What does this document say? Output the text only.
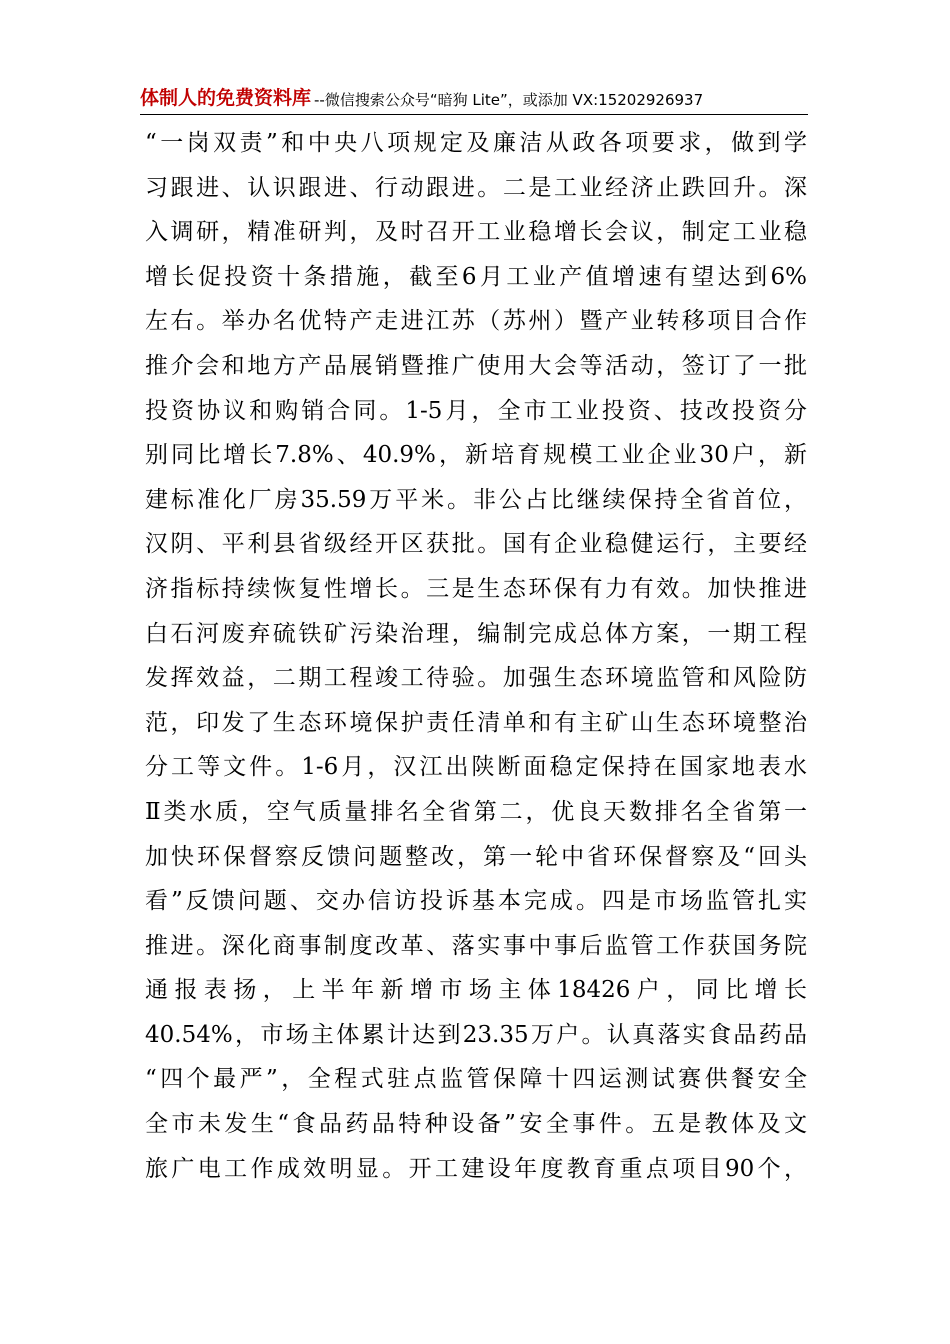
体制人的免费资料库 --微信搜索公众号“暗狗 Lite”，或添加 VX:15202926937
“一岗双责”和中央八项规定及廉洁从政各项要求，做到学
习跟进、认识跟进、行动跟进。二是工业经济止跌回升。深
入调研，精准研判，及时召开工业稳增长会议，制定工业稳
增长促投资十条措施，截至6月工业产值增速有望达到6%
左右。举办名优特产走进江苏（苏州）暨产业转移项目合作
推介会和地方产品展销暨推广使用大会等活动，签订了一批
投资协议和购销合同。1-5月，全市工业投资、技改投资分
别同比增长7.8%、40.9%，新培育规模工业企业30户，新
建标准化厂房35.59万平米。非公占比继续保持全省首位，
汉阴、平利县省级经开区获批。国有企业稳健运行，主要经
济指标持续恢复性增长。三是生态环保有力有效。加快推进
白石河废弃硫铁矿污染治理，编制完成总体方案，一期工程
发挥效益，二期工程竣工待验。加强生态环境监管和风险防
范，印发了生态环境保护责任清单和有主矿山生态环境整治
分工等文件。1-6月，汉江出陕断面稳定保持在国家地表水
Ⅱ类水质，空气质量排名全省第二，优良天数排名全省第一
加快环保督察反馈问题整改，第一轮中省环保督察及“回头
看”反馈问题、交办信访投诉基本完成。四是市场监管扎实
推进。深化商事制度改革、落实事中事后监管工作获国务院
通报表扬，上半年新增市场主体18426户，同比增长
40.54%，市场主体累计达到23.35万户。认真落实食品药品
“四个最严”，全程式驻点监管保障十四运测试赛供餐安全
全市未发生“食品药品特种设备”安全事件。五是教体及文
旅广电工作成效明显。开工建设年度教育重点项目90个，
